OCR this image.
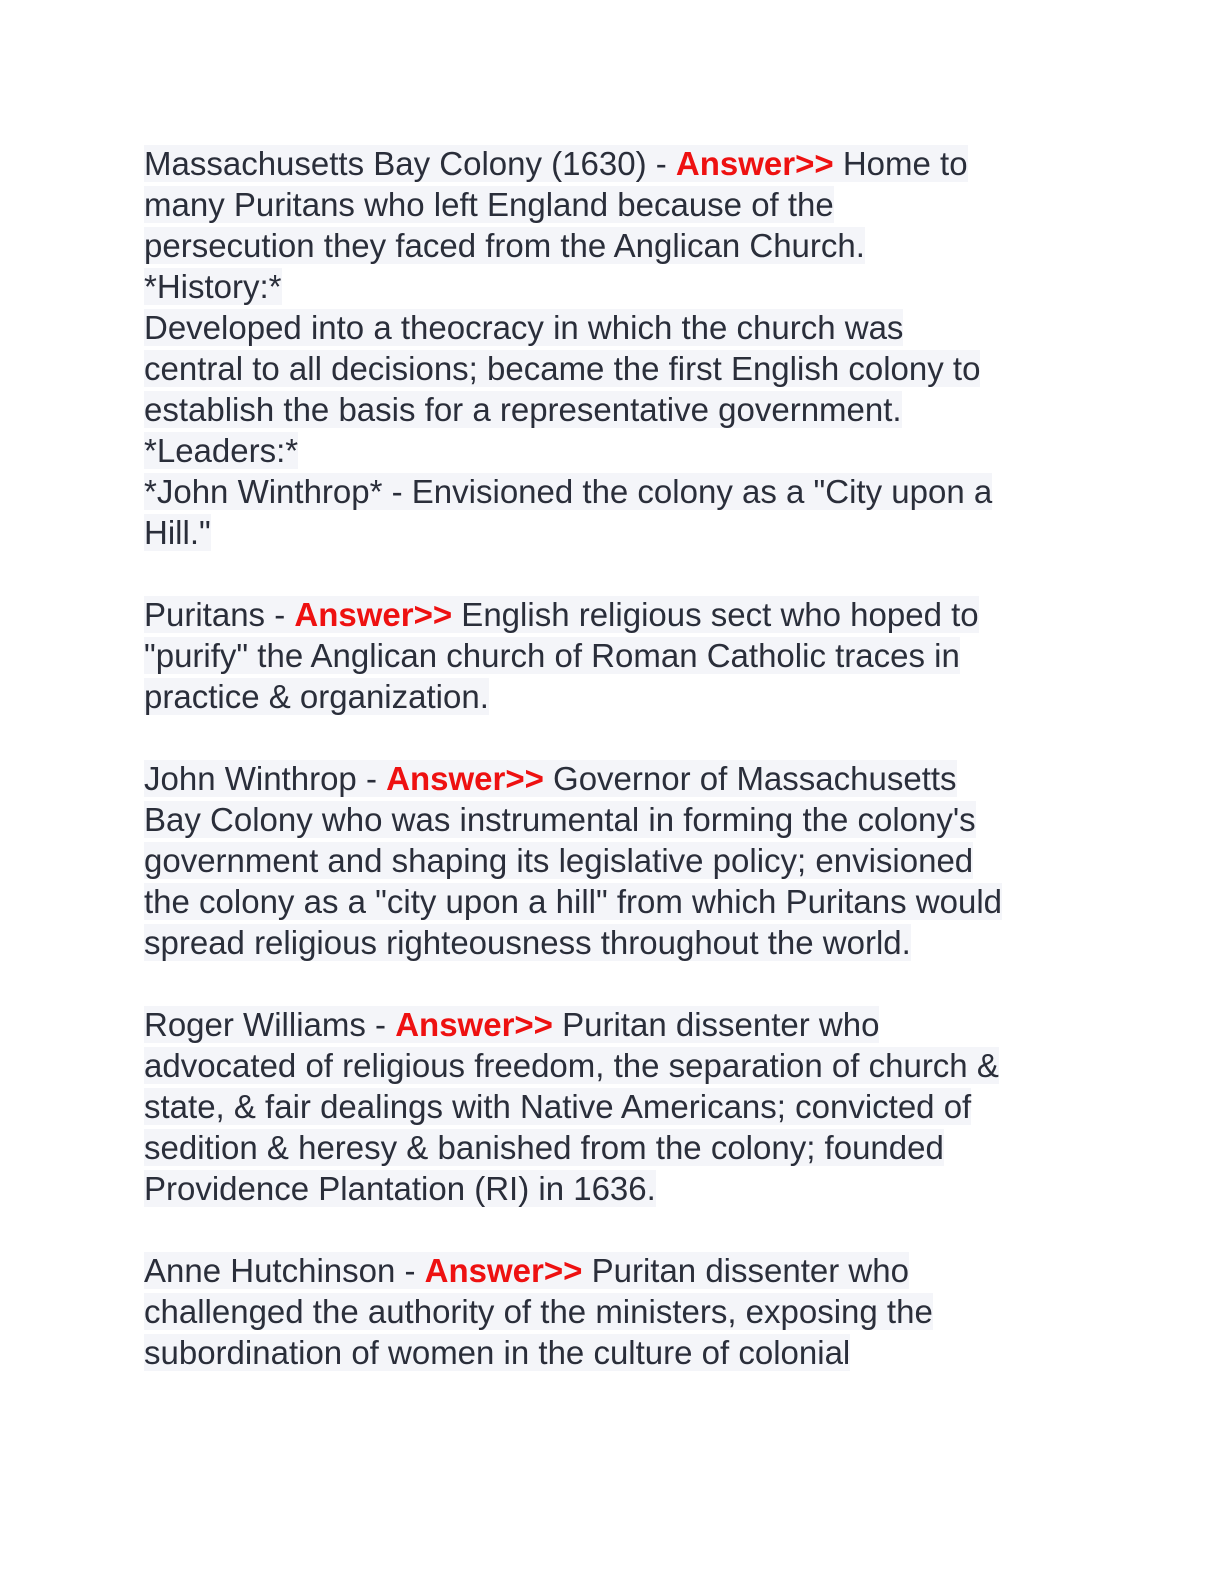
Massachusetts Bay Colony (1630) - Answer>> Home to
many Puritans who left England because of the
persecution they faced from the Anglican Church.
*History:*
Developed into a theocracy in which the church was
central to all decisions; became the first English colony to
establish the basis for a representative government.
*Leaders:*
*John Winthrop* - Envisioned the colony as a "City upon a
Hill."
Puritans - Answer>> English religious sect who hoped to
"purify" the Anglican church of Roman Catholic traces in
practice & organization.
John Winthrop - Answer>> Governor of Massachusetts
Bay Colony who was instrumental in forming the colony's
government and shaping its legislative policy; envisioned
the colony as a "city upon a hill" from which Puritans would
spread religious righteousness throughout the world.
Roger Williams - Answer>> Puritan dissenter who
advocated of religious freedom, the separation of church &
state, & fair dealings with Native Americans; convicted of
sedition & heresy & banished from the colony; founded
Providence Plantation (RI) in 1636.
Anne Hutchinson - Answer>> Puritan dissenter who
challenged the authority of the ministers, exposing the
subordination of women in the culture of colonial
